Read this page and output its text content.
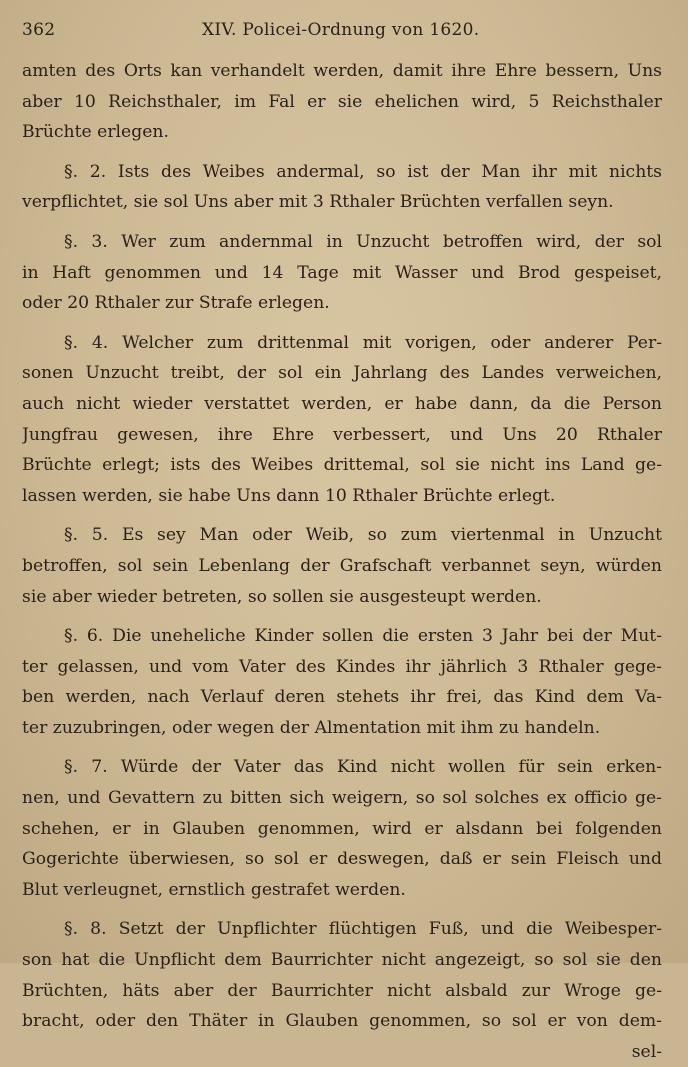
362	XIV. Policei-Ordnung von 1620.
amten des Orts kan verhandelt werden, damit ihre Ehre bessern, Uns
aber 10 Reichsthaler, im Fal er sie ehelichen wird, 5 Reichsthaler
Brüchte erlegen.
§. 2. Ists des Weibes andermal, so ist der Man ihr mit nichts
verpflichtet, sie sol Uns aber mit 3 Rthaler Brüchten verfallen seyn.
§. 3. Wer zum andernmal in Unzucht betroffen wird, der sol
in Haft genommen und 14 Tage mit Wasser und Brod gespeiset,
oder 20 Rthaler zur Strafe erlegen.
§. 4. Welcher zum drittenmal mit vorigen, oder anderer Per-
sonen Unzucht treibt, der sol ein Jahrlang des Landes verweichen,
auch nicht wieder verstattet werden, er habe dann, da die Person
Jungfrau gewesen, ihre Ehre verbessert, und Uns 20 Rthaler
Brüchte erlegt; ists des Weibes drittemal, sol sie nicht ins Land ge-
lassen werden, sie habe Uns dann 10 Rthaler Brüchte erlegt.
§. 5. Es sey Man oder Weib, so zum viertenmal in Unzucht
betroffen, sol sein Lebenlang der Grafschaft verbannet seyn, würden
sie aber wieder betreten, so sollen sie ausgesteupt werden.
§. 6. Die uneheliche Kinder sollen die ersten 3 Jahr bei der Mut-
ter gelassen, und vom Vater des Kindes ihr jährlich 3 Rthaler gege-
ben werden, nach Verlauf deren stehets ihr frei, das Kind dem Va-
ter zuzubringen, oder wegen der Almentation mit ihm zu handeln.
§. 7. Würde der Vater das Kind nicht wollen für sein erken-
nen, und Gevattern zu bitten sich weigern, so sol solches ex officio ge-
schehen, er in Glauben genommen, wird er alsdann bei folgenden
Gogerichte überwiesen, so sol er deswegen, daß er sein Fleisch und
Blut verleugnet, ernstlich gestrafet werden.
§. 8. Setzt der Unpflichter flüchtigen Fuß, und die Weibesper-
son hat die Unpflicht dem Baurrichter nicht angezeigt, so sol sie den
Brüchten, häts aber der Baurrichter nicht alsbald zur Wroge ge-
bracht, oder den Thäter in Glauben genommen, so sol er von dem-
sel-
